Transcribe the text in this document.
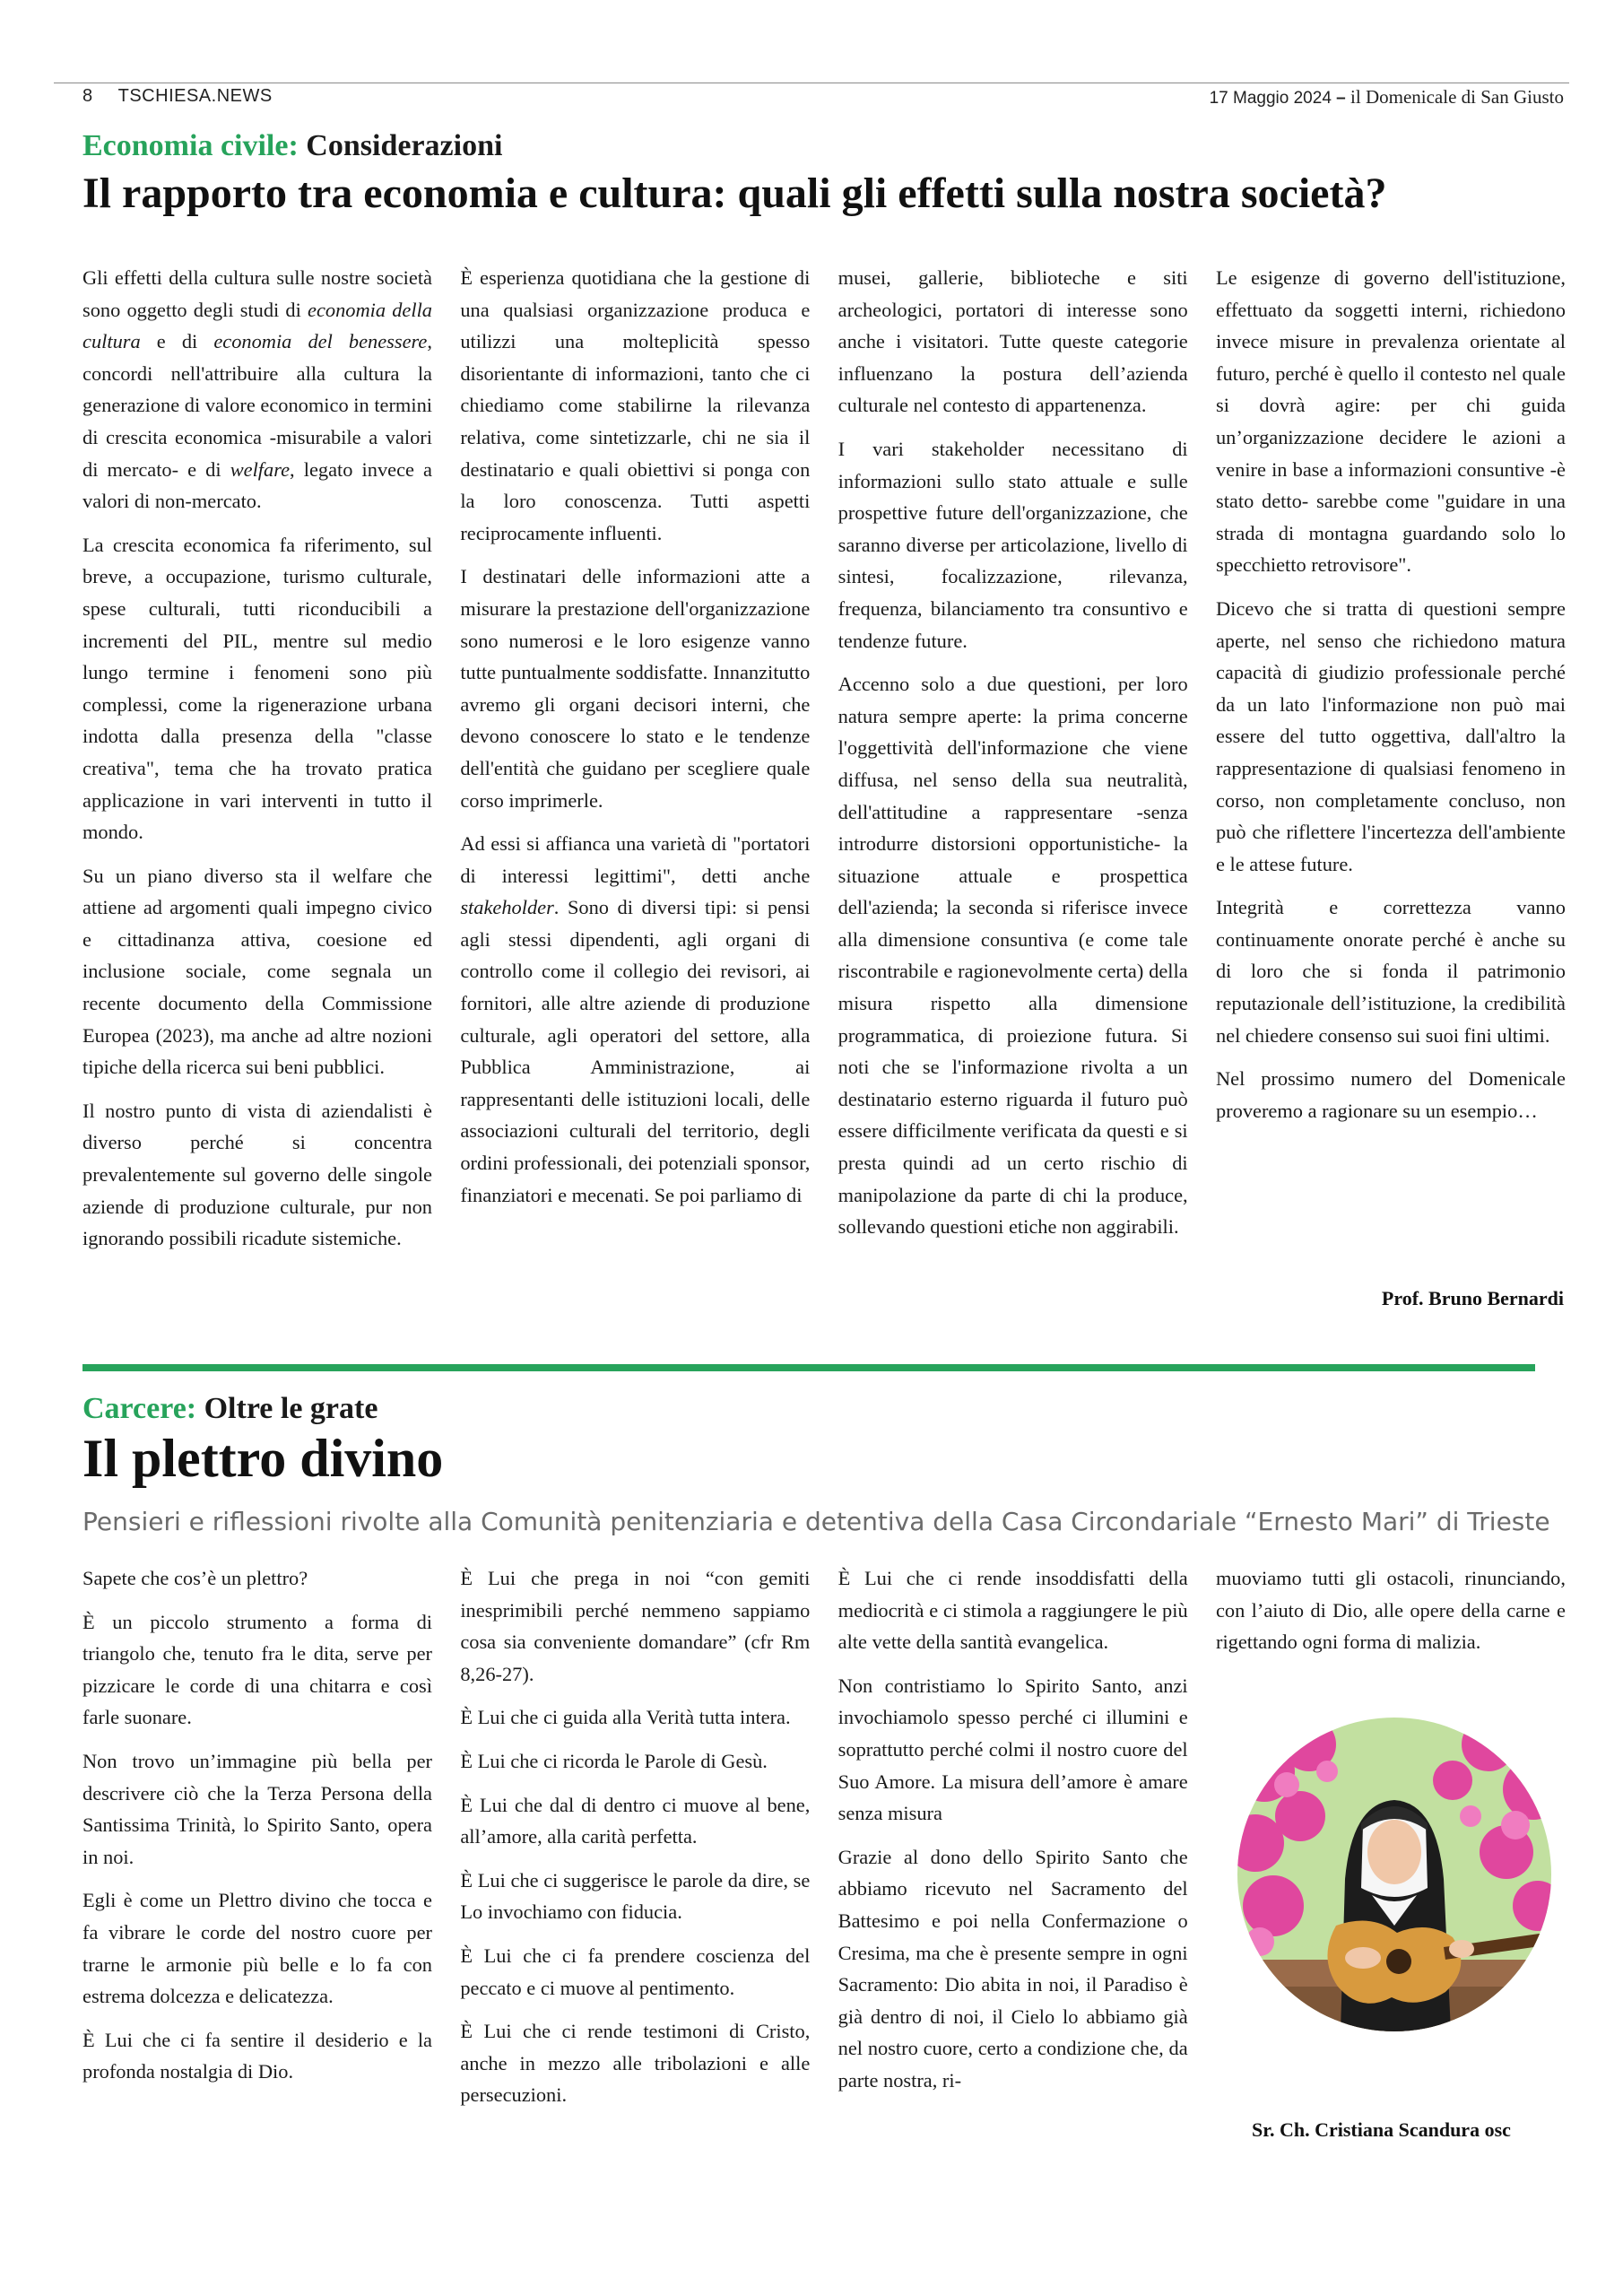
8 TSCHIESA.NEWS	17 Maggio 2024 – il Domenicale di San Giusto
Economia civile: Considerazioni
Il rapporto tra economia e cultura: quali gli effetti sulla nostra società?

Gli effetti della cultura sulle nostre società sono oggetto degli studi di economia della cultura e di economia del benessere, concordi nell'attribuire alla cultura la generazione di valore economico in termini di crescita economica -misurabile a valori di mercato- e di welfare, legato invece a valori di non-mercato.

La crescita economica fa riferimento, sul breve, a occupazione, turismo culturale, spese culturali, tutti riconducibili a incrementi del PIL, mentre sul medio lungo termine i fenomeni sono più complessi, come la rigenerazione urbana indotta dalla presenza della "classe creativa", tema che ha trovato pratica applicazione in vari interventi in tutto il mondo.

Su un piano diverso sta il welfare che attiene ad argomenti quali impegno civico e cittadinanza attiva, coesione ed inclusione sociale, come segnala un recente documento della Commissione Europea (2023), ma anche ad altre nozioni tipiche della ricerca sui beni pubblici.

Il nostro punto di vista di aziendalisti è diverso perché si concentra prevalentemente sul governo delle singole aziende di produzione culturale, pur non ignorando possibili ricadute sistemiche.

È esperienza quotidiana che la gestione di una qualsiasi organizzazione produca e utilizzi una molteplicità spesso disorientante di informazioni, tanto che ci chiediamo come stabilirne la rilevanza relativa, come sintetizzarle, chi ne sia il destinatario e quali obiettivi si ponga con la loro conoscenza. Tutti aspetti reciprocamente influenti.

I destinatari delle informazioni atte a misurare la prestazione dell'organizzazione sono numerosi e le loro esigenze vanno tutte puntualmente soddisfatte. Innanzitutto avremo gli organi decisori interni, che devono conoscere lo stato e le tendenze dell'entità che guidano per scegliere quale corso imprimerle.

Ad essi si affianca una varietà di "portatori di interessi legittimi", detti anche stakeholder. Sono di diversi tipi: si pensi agli stessi dipendenti, agli organi di controllo come il collegio dei revisori, ai fornitori, alle altre aziende di produzione culturale, agli operatori del settore, alla Pubblica Amministrazione, ai rappresentanti delle istituzioni locali, delle associazioni culturali del territorio, degli ordini professionali, dei potenziali sponsor, finanziatori e mecenati. Se poi parliamo di

musei, gallerie, biblioteche e siti archeologici, portatori di interesse sono anche i visitatori. Tutte queste categorie influenzano la postura dell’azienda culturale nel contesto di appartenenza.

I vari stakeholder necessitano di informazioni sullo stato attuale e sulle prospettive future dell'organizzazione, che saranno diverse per articolazione, livello di sintesi, focalizzazione, rilevanza, frequenza, bilanciamento tra consuntivo e tendenze future.

Accenno solo a due questioni, per loro natura sempre aperte: la prima concerne l'oggettività dell'informazione che viene diffusa, nel senso della sua neutralità, dell'attitudine a rappresentare -senza introdurre distorsioni opportunistiche- la situazione attuale e prospettica dell'azienda; la seconda si riferisce invece alla dimensione consuntiva (e come tale riscontrabile e ragionevolmente certa) della misura rispetto alla dimensione programmatica, di proiezione futura. Si noti che se l'informazione rivolta a un destinatario esterno riguarda il futuro può essere difficilmente verificata da questi e si presta quindi ad un certo rischio di manipolazione da parte di chi la produce, sollevando questioni etiche non aggirabili.

Le esigenze di governo dell'istituzione, effettuato da soggetti interni, richiedono invece misure in prevalenza orientate al futuro, perché è quello il contesto nel quale si dovrà agire: per chi guida un’organizzazione decidere le azioni a venire in base a informazioni consuntive -è stato detto- sarebbe come "guidare in una strada di montagna guardando solo lo specchietto retrovisore".

Dicevo che si tratta di questioni sempre aperte, nel senso che richiedono matura capacità di giudizio professionale perché da un lato l'informazione non può mai essere del tutto oggettiva, dall'altro la rappresentazione di qualsiasi fenomeno in corso, non completamente concluso, non può che riflettere l'incertezza dell'ambiente e le attese future.

Integrità e correttezza vanno continuamente onorate perché è anche su di loro che si fonda il patrimonio reputazionale dell’istituzione, la credibilità nel chiedere consenso sui suoi fini ultimi.

Nel prossimo numero del Domenicale proveremo a ragionare su un esempio…

Prof. Bruno Bernardi
Carcere: Oltre le grate
Il plettro divino

Pensieri e riflessioni rivolte alla Comunità penitenziaria e detentiva della Casa Circondariale “Ernesto Mari” di Trieste

Sapete che cos’è un plettro?

È un piccolo strumento a forma di triangolo che, tenuto fra le dita, serve per pizzicare le corde di una chitarra e così farle suonare.

Non trovo un’immagine più bella per descrivere ciò che la Terza Persona della Santissima Trinità, lo Spirito Santo, opera in noi.

Egli è come un Plettro divino che tocca e fa vibrare le corde del nostro cuore per trarne le armonie più belle e lo fa con estrema dolcezza e delicatezza.

È Lui che ci fa sentire il desiderio e la profonda nostalgia di Dio.

È Lui che prega in noi “con gemiti inesprimibili perché nemmeno sappiamo cosa sia conveniente domandare” (cfr Rm 8,26-27).

È Lui che ci guida alla Verità tutta intera.

È Lui che ci ricorda le Parole di Gesù.

È Lui che dal di dentro ci muove al bene, all’amore, alla carità perfetta.

È Lui che ci suggerisce le parole da dire, se Lo invochiamo con fiducia.

È Lui che ci fa prendere coscienza del peccato e ci muove al pentimento.

È Lui che ci rende testimoni di Cristo, anche in mezzo alle tribolazioni e alle persecuzioni.

È Lui che ci rende insoddisfatti della mediocrità e ci stimola a raggiungere le più alte vette della santità evangelica.

Non contristiamo lo Spirito Santo, anzi invochiamolo spesso perché ci illumini e soprattutto perché colmi il nostro cuore del Suo Amore. La misura dell’amore è amare senza misura

Grazie al dono dello Spirito Santo che abbiamo ricevuto nel Sacramento del Battesimo e poi nella Confermazione o Cresima, ma che è presente sempre in ogni Sacramento: Dio abita in noi, il Paradiso è già dentro di noi, il Cielo lo abbiamo già nel nostro cuore, certo a condizione che, da parte nostra, ri-

muoviamo tutti gli ostacoli, rinunciando, con l’aiuto di Dio, alle opere della carne e rigettando ogni forma di malizia.

Sr. Ch. Cristiana Scandura osc
